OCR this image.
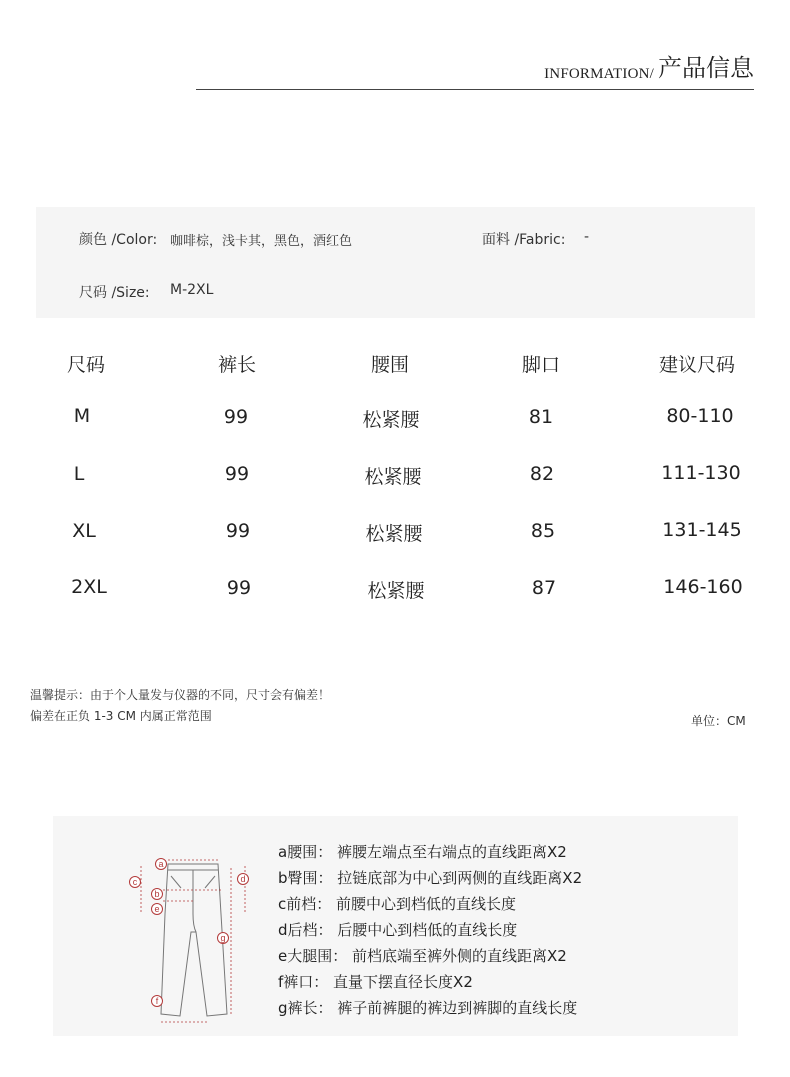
INFORMATION/ 产品信息
颜色 /Color: 咖啡棕，浅卡其，黑色，酒红色	面料 /Fabric: -
尺码 /Size: M-2XL
尺码	裤长	腰围	脚口	建议尺码
M	99	松紧腰	81	80-110
L	99	松紧腰	82	111-130
XL	99	松紧腰	85	131-145
2XL	99	松紧腰	87	146-160
温馨提示：由于个人量发与仪器的不同，尺寸会有偏差！
偏差在正负 1-3 CM 内属正常范围	单位：CM
a
b
c	d
e
f
g
a腰围： 裤腰左端点至右端点的直线距离X2
b臀围： 拉链底部为中心到两侧的直线距离X2
c前档： 前腰中心到档低的直线长度
d后档： 后腰中心到档低的直线长度
e大腿围： 前档底端至裤外侧的直线距离X2
f裤口： 直量下摆直径长度X2
g裤长： 裤子前裤腿的裤边到裤脚的直线长度
